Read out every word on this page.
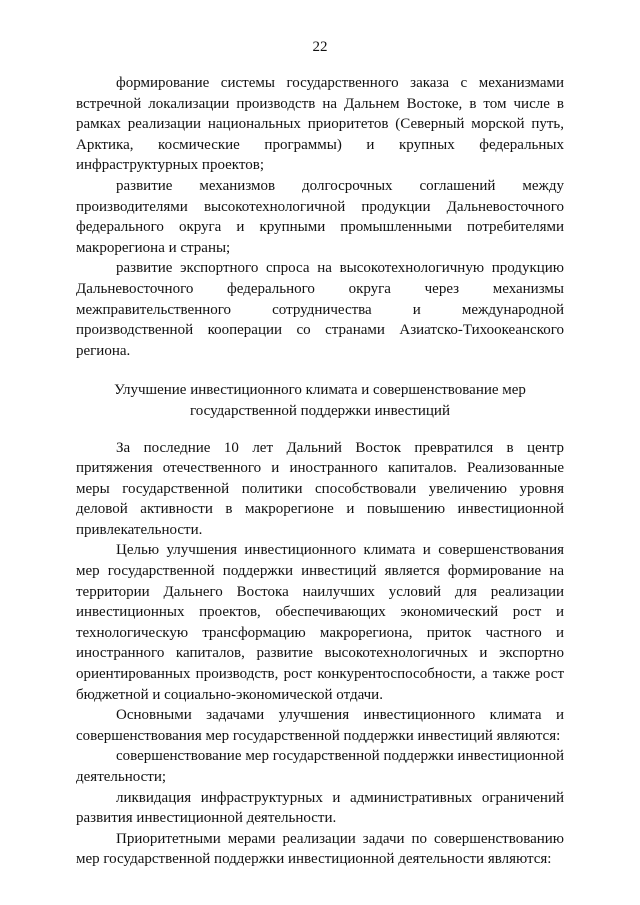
22

формирование системы государственного заказа с механизмами встречной локализации производств на Дальнем Востоке, в том числе в рамках реализации национальных приоритетов (Северный морской путь, Арктика, космические программы) и крупных федеральных инфраструктурных проектов;

развитие механизмов долгосрочных соглашений между производителями высокотехнологичной продукции Дальневосточного федерального округа и крупными промышленными потребителями макрорегиона и страны;

развитие экспортного спроса на высокотехнологичную продукцию Дальневосточного федерального округа через механизмы межправительственного сотрудничества и международной производственной кооперации со странами Азиатско-Тихоокеанского региона.

Улучшение инвестиционного климата и совершенствование мер
государственной поддержки инвестиций

За последние 10 лет Дальний Восток превратился в центр притяжения отечественного и иностранного капиталов. Реализованные меры государственной политики способствовали увеличению уровня деловой активности в макрорегионе и повышению инвестиционной привлекательности.

Целью улучшения инвестиционного климата и совершенствования мер государственной поддержки инвестиций является формирование на территории Дальнего Востока наилучших условий для реализации инвестиционных проектов, обеспечивающих экономический рост и технологическую трансформацию макрорегиона, приток частного и иностранного капиталов, развитие высокотехнологичных и экспортно ориентированных производств, рост конкурентоспособности, а также рост бюджетной и социально-экономической отдачи.

Основными задачами улучшения инвестиционного климата и совершенствования мер государственной поддержки инвестиций являются:

совершенствование мер государственной поддержки инвестиционной деятельности;

ликвидация инфраструктурных и административных ограничений развития инвестиционной деятельности.

Приоритетными мерами реализации задачи по совершенствованию мер государственной поддержки инвестиционной деятельности являются:
